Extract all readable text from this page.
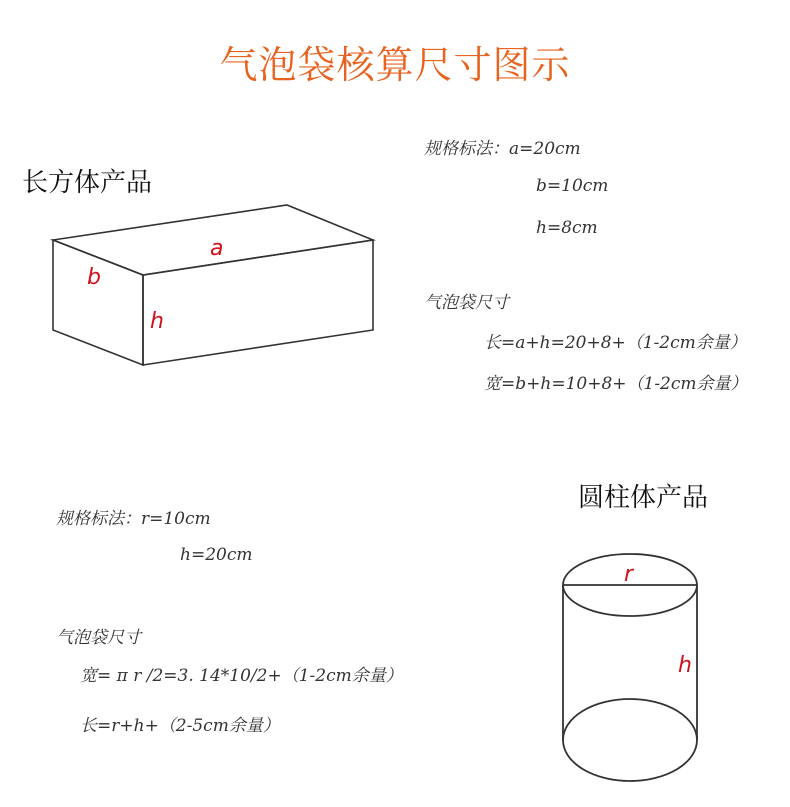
气泡袋核算尺寸图示
长方体产品
a
b
h
r
h
规格标法：a=20cm
b=10cm
h=8cm
气泡袋尺寸
长=a+h=20+8+（1-2cm余量）
宽=b+h=10+8+（1-2cm余量）
圆柱体产品
规格标法：r=10cm
h=20cm
气泡袋尺寸
宽= π r /2=3. 14*10/2+（1-2cm余量）
长=r+h+（2-5cm余量）
